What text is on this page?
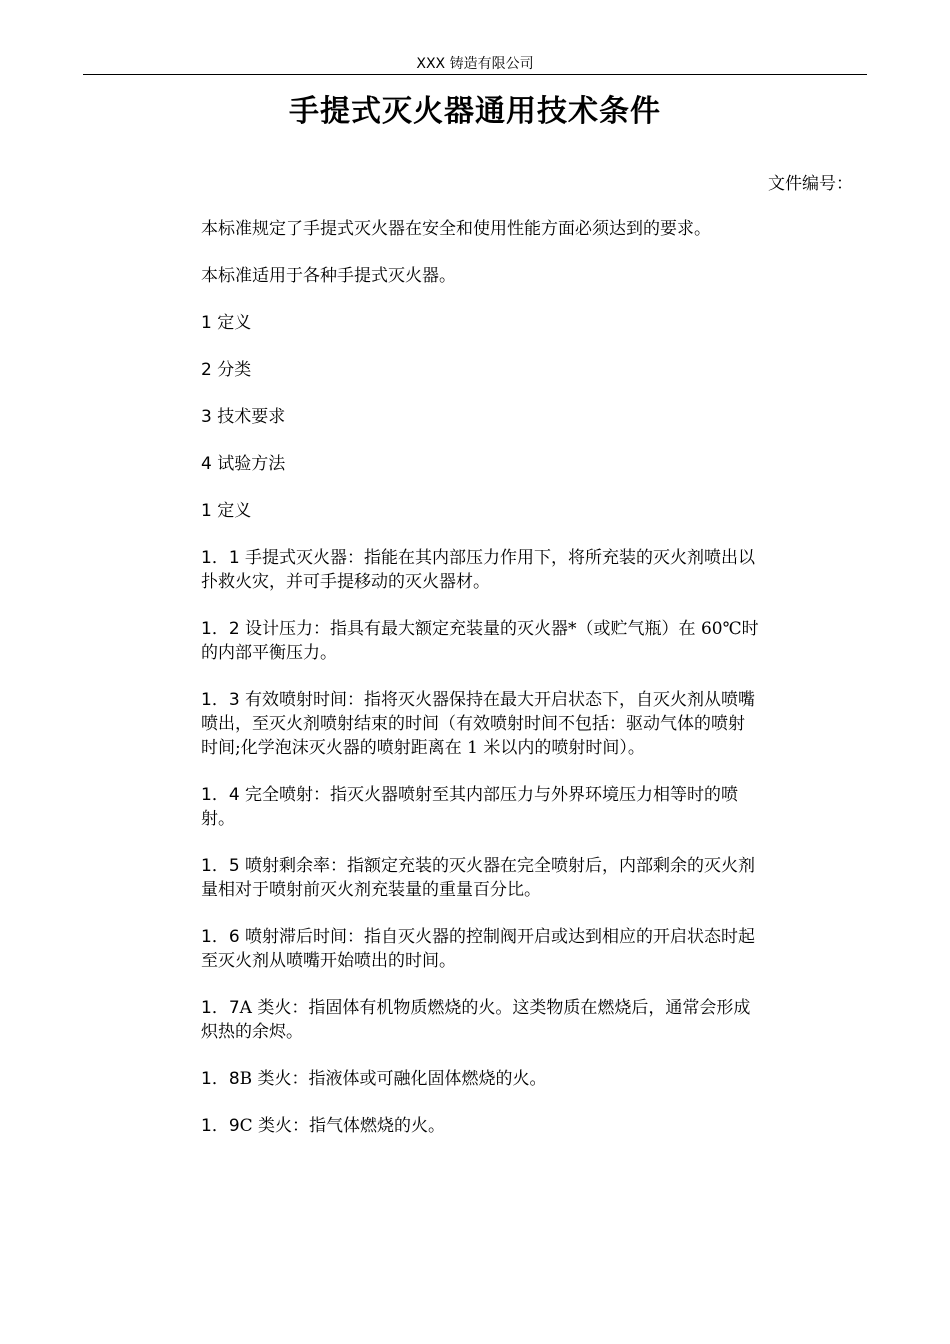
XXX 铸造有限公司
手提式灭火器通用技术条件
文件编号：

本标准规定了手提式灭火器在安全和使用性能方面必须达到的要求。

本标准适用于各种手提式灭火器。

1 定义

2 分类

3 技术要求

4 试验方法

1 定义

1．1 手提式灭火器：指能在其内部压力作用下，将所充装的灭火剂喷出以扑救火灾，并可手提移动的灭火器材。

1．2 设计压力：指具有最大额定充装量的灭火器*（或贮气瓶）在 60℃时的内部平衡压力。

1．3 有效喷射时间：指将灭火器保持在最大开启状态下，自灭火剂从喷嘴喷出，至灭火剂喷射结束的时间（有效喷射时间不包括：驱动气体的喷射时间;化学泡沫灭火器的喷射距离在 1 米以内的喷射时间）。

1．4 完全喷射：指灭火器喷射至其内部压力与外界环境压力相等时的喷射。

1．5 喷射剩余率：指额定充装的灭火器在完全喷射后，内部剩余的灭火剂量相对于喷射前灭火剂充装量的重量百分比。

1．6 喷射滞后时间：指自灭火器的控制阀开启或达到相应的开启状态时起至灭火剂从喷嘴开始喷出的时间。

1．7A 类火：指固体有机物质燃烧的火。这类物质在燃烧后，通常会形成炽热的余烬。

1．8B 类火：指液体或可融化固体燃烧的火。

1．9C 类火：指气体燃烧的火。
